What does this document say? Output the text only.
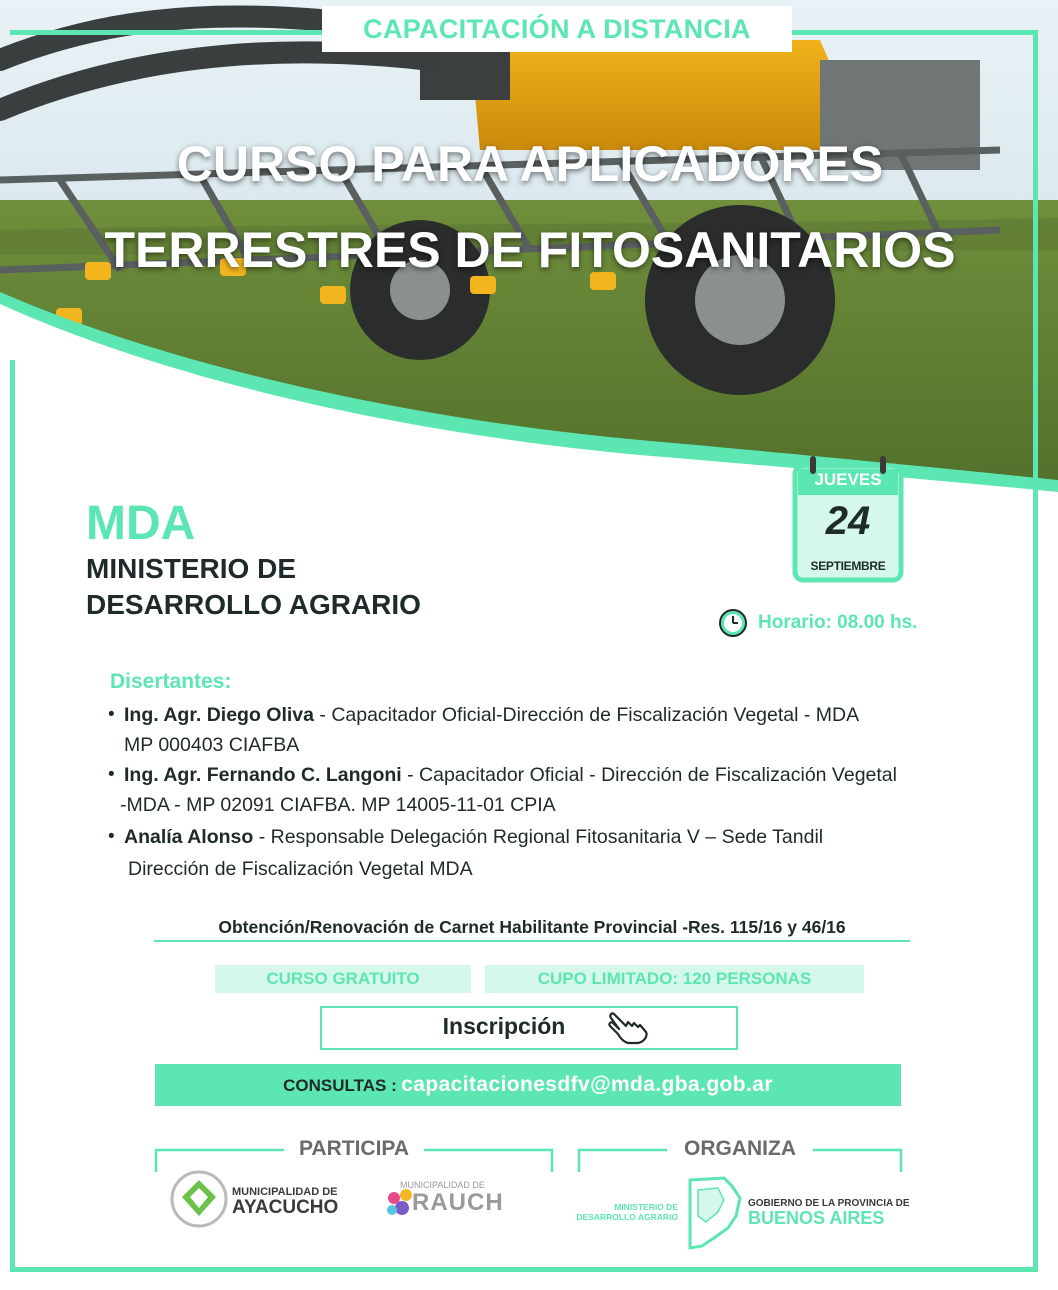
CAPACITACIÓN A DISTANCIA
CURSO PARA APLICADORES
TERRESTRES DE FITOSANITARIOS
MDA
MINISTERIO DE
DESARROLLO AGRARIO
JUEVES
24
SEPTIEMBRE
Horario: 08.00 hs.
Disertantes:
• Ing. Agr. Diego Oliva - Capacitador Oficial-Dirección de Fiscalización Vegetal - MDA
MP 000403 CIAFBA
• Ing. Agr. Fernando C. Langoni - Capacitador Oficial - Dirección de Fiscalización Vegetal
-MDA - MP 02091 CIAFBA. MP 14005-11-01 CPIA
• Analía Alonso - Responsable Delegación Regional Fitosanitaria V – Sede Tandil
Dirección de Fiscalización Vegetal MDA
Obtención/Renovación de Carnet Habilitante Provincial -Res. 115/16 y 46/16
CURSO GRATUITO	CUPO LIMITADO: 120 PERSONAS
Inscripción
CONSULTAS : capacitacionesdfv@mda.gba.gob.ar
PARTICIPA
MUNICIPALIDAD DE
AYACUCHO
MUNICIPALIDAD DE
RAUCH
ORGANIZA
MINISTERIO DE
DESARROLLO AGRARIO
GOBIERNO DE LA PROVINCIA DE
BUENOS AIRES
